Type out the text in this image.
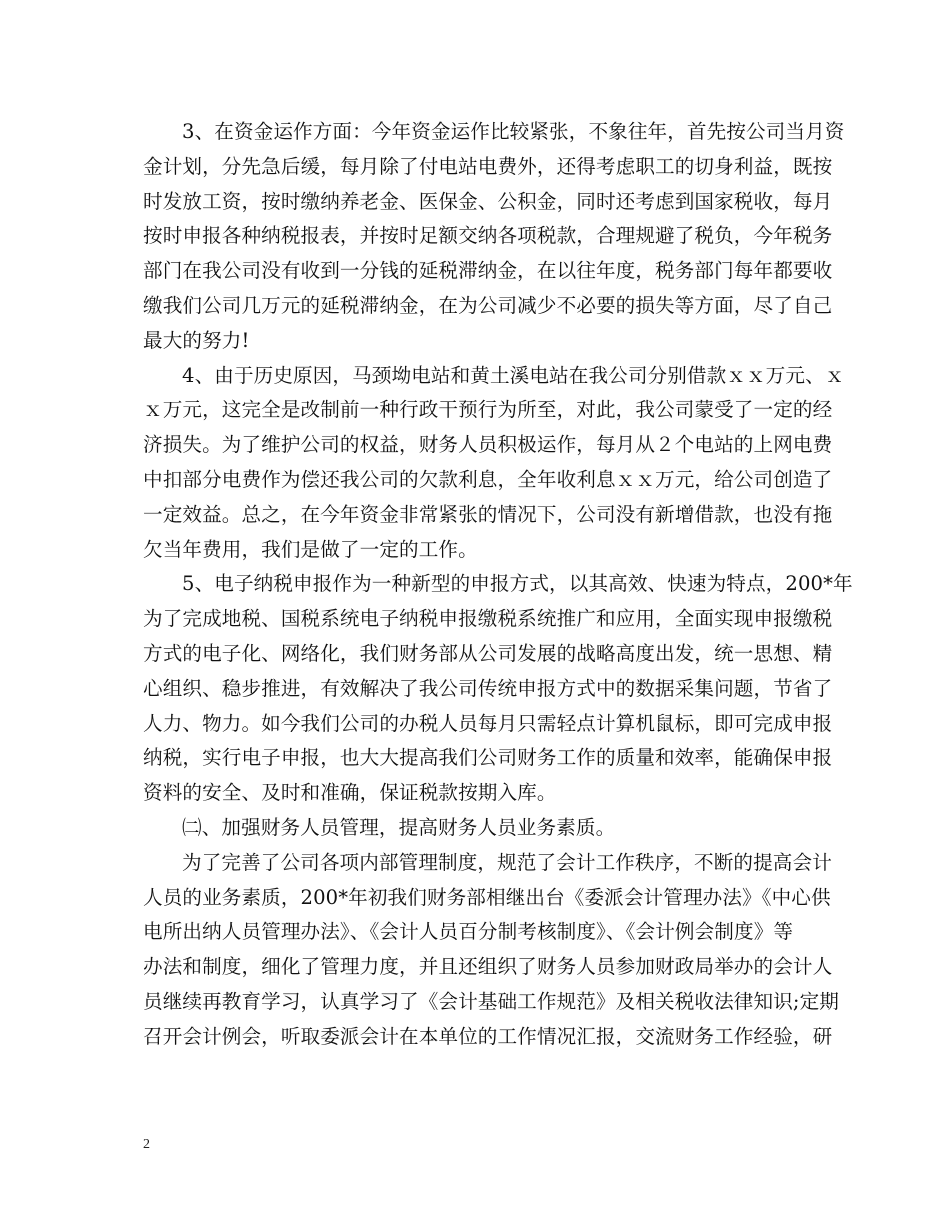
3、在资金运作方面：今年资金运作比较紧张，不象往年，首先按公司当月资
金计划，分先急后缓，每月除了付电站电费外，还得考虑职工的切身利益，既按
时发放工资，按时缴纳养老金、医保金、公积金，同时还考虑到国家税收，每月
按时申报各种纳税报表，并按时足额交纳各项税款，合理规避了税负，今年税务
部门在我公司没有收到一分钱的延税滞纳金，在以往年度，税务部门每年都要收
缴我们公司几万元的延税滞纳金，在为公司减少不必要的损失等方面，尽了自己
最大的努力!
4、由于历史原因，马颈坳电站和黄土溪电站在我公司分别借款ｘｘ万元、ｘ
ｘ万元，这完全是改制前一种行政干预行为所至，对此，我公司蒙受了一定的经
济损失。为了维护公司的权益，财务人员积极运作，每月从２个电站的上网电费
中扣部分电费作为偿还我公司的欠款利息，全年收利息ｘｘ万元，给公司创造了
一定效益。总之，在今年资金非常紧张的情况下，公司没有新增借款，也没有拖
欠当年费用，我们是做了一定的工作。
5、电子纳税申报作为一种新型的申报方式，以其高效、快速为特点，200*年
为了完成地税、国税系统电子纳税申报缴税系统推广和应用，全面实现申报缴税
方式的电子化、网络化，我们财务部从公司发展的战略高度出发，统一思想、精
心组织、稳步推进，有效解决了我公司传统申报方式中的数据采集问题，节省了
人力、物力。如今我们公司的办税人员每月只需轻点计算机鼠标，即可完成申报
纳税，实行电子申报，也大大提高我们公司财务工作的质量和效率，能确保申报
资料的安全、及时和准确，保证税款按期入库。
㈡、加强财务人员管理，提高财务人员业务素质。
为了完善了公司各项内部管理制度，规范了会计工作秩序，不断的提高会计
人员的业务素质，200*年初我们财务部相继出台《委派会计管理办法》《中心供
电所出纳人员管理办法》、《会计人员百分制考核制度》、《会计例会制度》等
办法和制度，细化了管理力度，并且还组织了财务人员参加财政局举办的会计人
员继续再教育学习，认真学习了《会计基础工作规范》及相关税收法律知识;定期
召开会计例会，听取委派会计在本单位的工作情况汇报，交流财务工作经验，研
2
